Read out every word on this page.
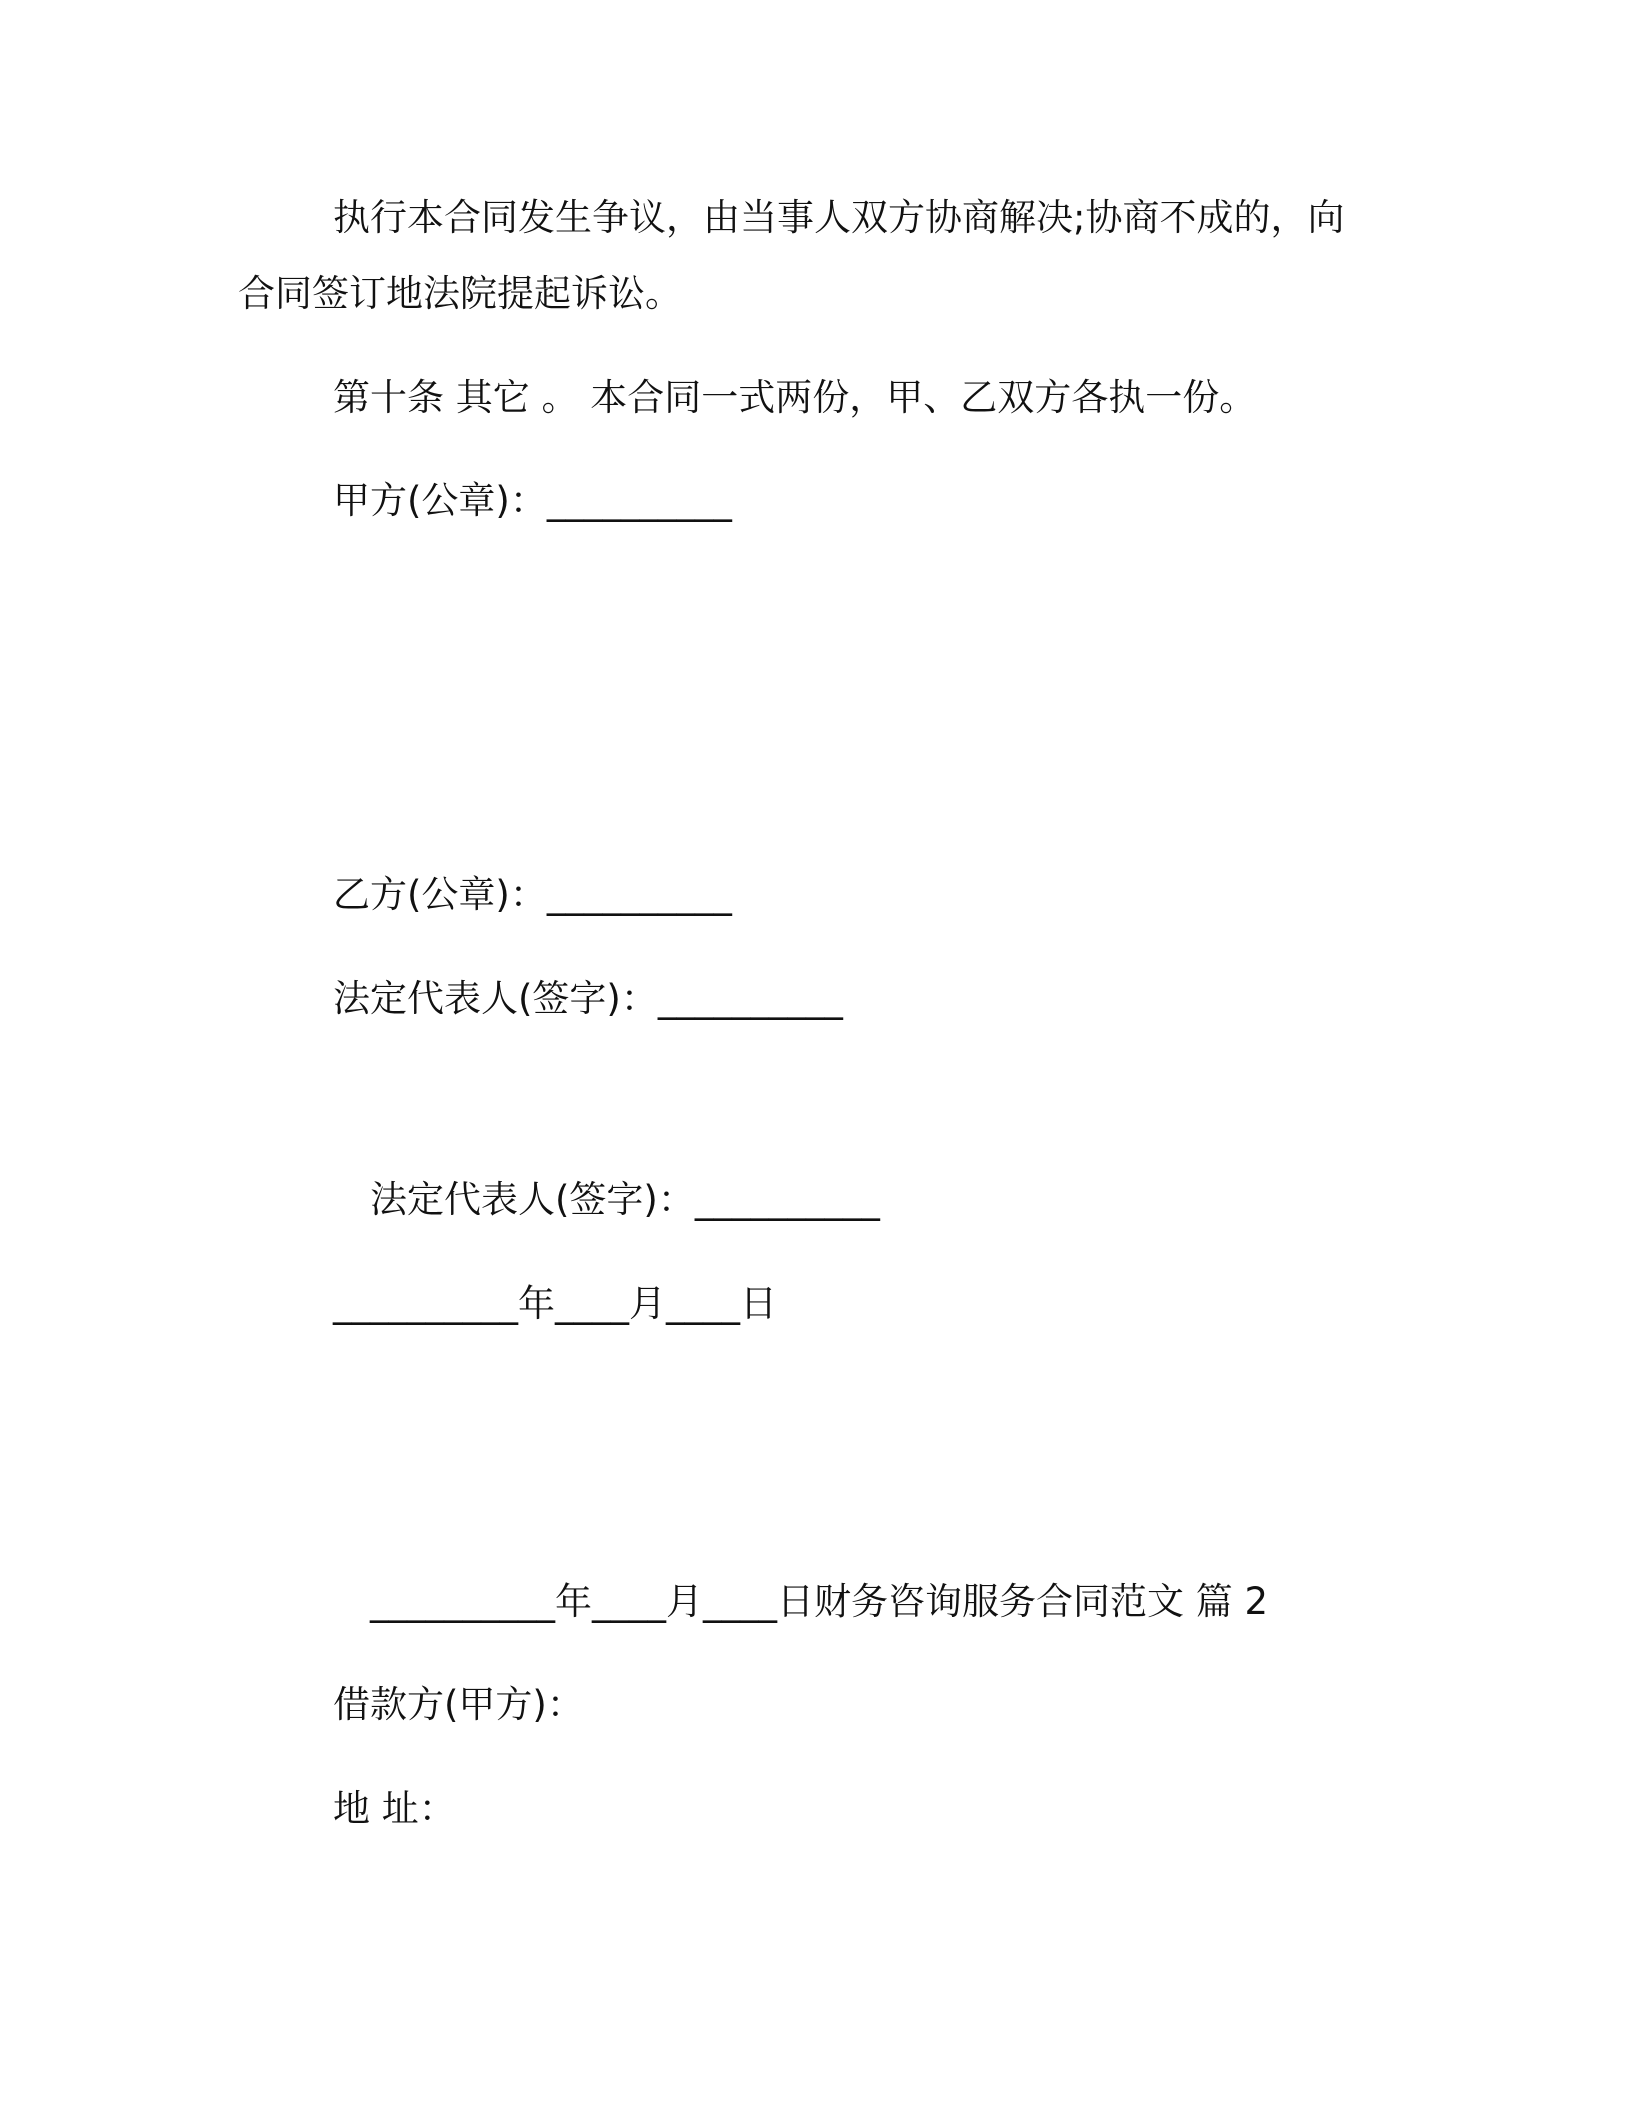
执行本合同发生争议，由当事人双方协商解决;协商不成的，向
合同签订地法院提起诉讼。
第十条 其它 。 本合同一式两份，甲、乙双方各执一份。
甲方(公章)：__________
乙方(公章)：__________
法定代表人(签字)：__________
法定代表人(签字)：__________
__________年____月____日
__________年____月____日财务咨询服务合同范文 篇 2
借款方(甲方)：
地 址：
